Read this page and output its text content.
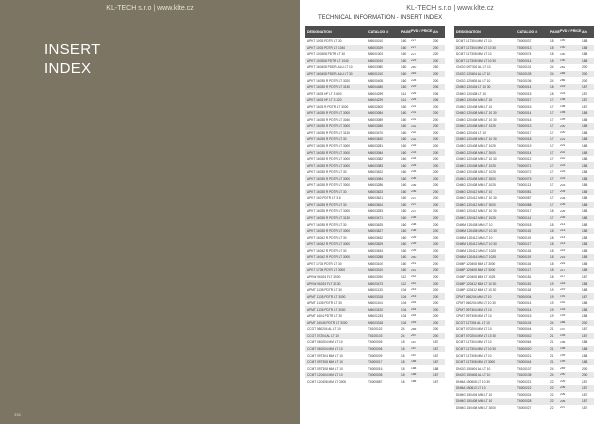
KL-TECH s.r.o | www.kltе.cz
INSERT
INDEX
336
KL-TECH s.r.o | www.klte.cz
TECHNICAL INFORMATION - INSERT INDEX
DESIGNATION	CATALOG #	PAGE PVD / PRICE Ah
APKT 1003 PDTR LT 30	M6000010	160	227	200
APKT 1003 PDTR LT 1040	M6003029	160	227	200
APKT 100308 PDTR LT 30	M6001003	160	227	220
APKT 100308 PDTR LT 1040	M6003010	160	229	200
APKT 160408 PDER-ALU LT 10	M6003080	160	240	260
APKT 160408 PDER-ALU LT 30	M6001010	160	263	200
APKT 16035 R PDTR LT 3020	M6000408	160	228	200
APKT 16035 R PDTR LT 3130	M6004480	160	229	206
APKT 1603 HF LT 3 600	M6004299	114	226	206
APKT 1603 HF LT 3 120	M6004229	114	226	206
APKT 1603 R PDTR LT 3000	M6002600	160	231	200
APKT 16035 R PDTR LT 3000	M6003084	160	231	200
APKT 16035 R PDTR LT 3040	M6003089	160	231	200
APKT 16035 R PDTR LT 3000	M6003280	160	232	200
APKT 16035 R PDTR LT 3130	M6003470	160	232	200
APKT 16035 R PDTR LT 30	M6003620	160	232	200
APKT 16035 R PDTR LT 3000	M6003281	160	233	200
APKT 16035 R PDTR LT 3000	M6003084	160	233	200
APKT 16035 R PDTR LT 3000	M6003382	160	234	200
APKT 16035 R PDTR LT 3000	M6003383	160	235	200
APKT 16035 R PDTR LT 30	M6003622	160	235	200
APKT 16035 R PDTR LT 3000	M6003084	160	236	200
APKT 16035 R PDTR LT 3000	M6003286	160	236	200
APKT 16035 R PDTR LT 30	M6003623	160	236	200
APKT 160 PDTR LT 3 6	M6003621	160	237	200
APKT 16035 R PDTR LT 30	M6003624	160	237	200
APKT 16035 R PDTR LT 3000	M6003283	160	237	200
APKT 16035 R PDTR LT 3130	M6003471	160	238	200
APKT 16035 R PDTR LT 30	M6003625	160	238	200
APKT 16035 R PDTR LT 3000	M6003627	160	238	200
APKT 16042 R PDTR LT 30	M6003632	160	239	200
APKT 16042 R PDTR LT 3000	M6003629	160	239	200
APKT 16042 R PDTR LT 30	M6003634	160	239	200
APKT 16042 R PDTR LT 3000	M6003288	160	240	200
APKT 1703 PDTR LT 30	M6003100	160	241	200
APKT 1705 PDTR LT 3000	M6003310	160	241	200
APKW 06024 FLT 3000	M6003290	112	242	200
APKW 06024 FLT 3130	M6003473	112	242	200
APMT 1135 PDTR LT 30	M6001133	104	243	200
APMT 1135 PDTR LT 3000	M6003318	104	243	200
APMT 1135 PDTR LT 30	M6001104	104	244	200
APMT 1135 PDTR LT 3000	M6003192	104	244	200
APMT 1604 PDTR LT 30	M6001233	104	244	200
APMT 16045 PDTR LT 3000	M6003318	104	245	200
CCGT 060204 AL LT 10	T6100102	24	285	200
CCGT 07204 AL LT 10	T6100103	24	287	200
CCMT 060204 MM LT 10	T6000005	18	187	187
CCMT 060204 MM LT 10	T6000006	18	187	187
CCMT 09T304 MM LT 10	T6000009	18	187	187
CCMT 09T308 MM LT 10	T6000017	18	188	187
CCMT 09T308 MM LT 10	T6000016	18	188	188
CCMT 120404 MM LT 10	T6000008	18	188	187
CCMT 120408 MM LT 3000	T6000887	18	188	187
DESIGNATION	CATALOG #	PAGE PVD / PRICE Ah
DCMT 11T304 MM LT 10	T6000037	18	190	188
DCMT 11T304 MM LT 10 30	T6000013	18	190	188
DCMT 11T308 MM LT 10	T6000074	18	190	188
DCMT 11T308 MM LT 10 30	T6000014	18	190	188
CNGG 09T302 AL LT 10	T6100101	24	281	200
CNGG 120404 AL LT 10	T6100105	24	285	200
CNGG 120408 AL LT 10	T6100106	24	286	200
CNMG 120404 LT 10 30	T6000014	18	203	187
CNMG 120408 LT 10	T6000015	18	203	187
CNMG 120404 MM LT 10	T6000017	17	198	187
CNMG 120408 MM LT 10	T6000015	17	198	187
CNMG 120408 MM LT 10 30	T6000014	17	198	188
CNMG 120408 MM LT 10 30	T6000016	17	199	188
CNMG 120408 MM LT 1025	T6000013	17	200	188
CNMG 120404 LT 10	T6000017	17	200	188
CNMG 120408 MM LT 10 30	T6000018	17	201	188
CNMG 120408 MM LT 1025	T6000019	17	201	188
CNMG 120408 MM LT 3000	T6000014	17	202	188
CNMG 120408 MM LT 10 30	T6000012	17	202	188
CNMG 120408 MM LT 1025	T6000071	17	203	188
CNMG 120408 MM LT 1025	T6000072	17	203	188
CNMG 120408 MM LT 3000	T6000079	17	203	188
CNMG 120408 MM LT 1025	T6000113	17	203	188
CNMG 120412 MM LT 10	T6000081	17	204	188
CNMG 120412 MM LT 10 30	T6000087	17	204	188
CNMG 120412 MM LT 3000	T6000088	17	205	188
CNMG 120412 MM LT 10 30	T6000017	18	205	188
CNMG 120412 MM LT 1025	T6000114	17	205	188
CNMM 120408 MM LT 10	T6000018	18	213	188
CNMM 120408 MM LT 10 30	T6000115	18	213	188
CNMM 120412 MM LT 10	T6000119	18	214	188
CNMM 120412 MM LT 10 30	T6000117	18	214	188
CNMM 120412 MM LT 1025	T6000118	18	215	188
CNMM 120416 MM LT 1025	T6000119	18	215	188
CNMP 120408 MM LT 3000	T6000116	18	216	188
CNMP 120408 MM LT 3000	T6000117	18	217	188
CNMP 120408 MM LT 1025	T6000181	18	217	187
CNMP 120412 MM LT 10 30	T6000181	19	218	188
CNMP 120412 MM LT 10 30	T6000118	19	219	188
CPMT 060204 MM LT 10	T6000004	19	191	187
CPMT 060204 MM LT 10 30	T6000014	19	192	188
CPMT 09T304 MM LT 10	T6000014	19	193	188
CPMT 09T308 MM LT 10	T6000015	19	193	188
DCGT 11T304 AL LT 10	T6100104	24	288	200
DCMT 070204 MM LT 10	T6000044	21	197	187
DCMT 070204 MM LT 10 30	T6000042	21	195	187
DCMT 11T304 MM LT 10	T6000064	21	196	188
DCMT 11T304 MM LT 10 30	T6000020	21	198	188
DCMT 11T308 MM LT 10	T6000021	21	199	188
DCMT 11T308 MM LT 3000	T6000044	21	199	188
DNGG 150404 AL LT 10	T6100107	24	289	200
DNGG 150408 AL LT 10	T6100108	24	290	200
DNMA 150608 LT 10 30	T6000221	22	205	187
DNMA 150612 LT 10	T6000222	22	206	187
DNMG 150404 MM LT 10	T6000024	22	206	187
DNMG 150408 MM LT 10	T6000028	22	206	187
DNMG 150408 MM LT 3000	T6000027	22	207	187
